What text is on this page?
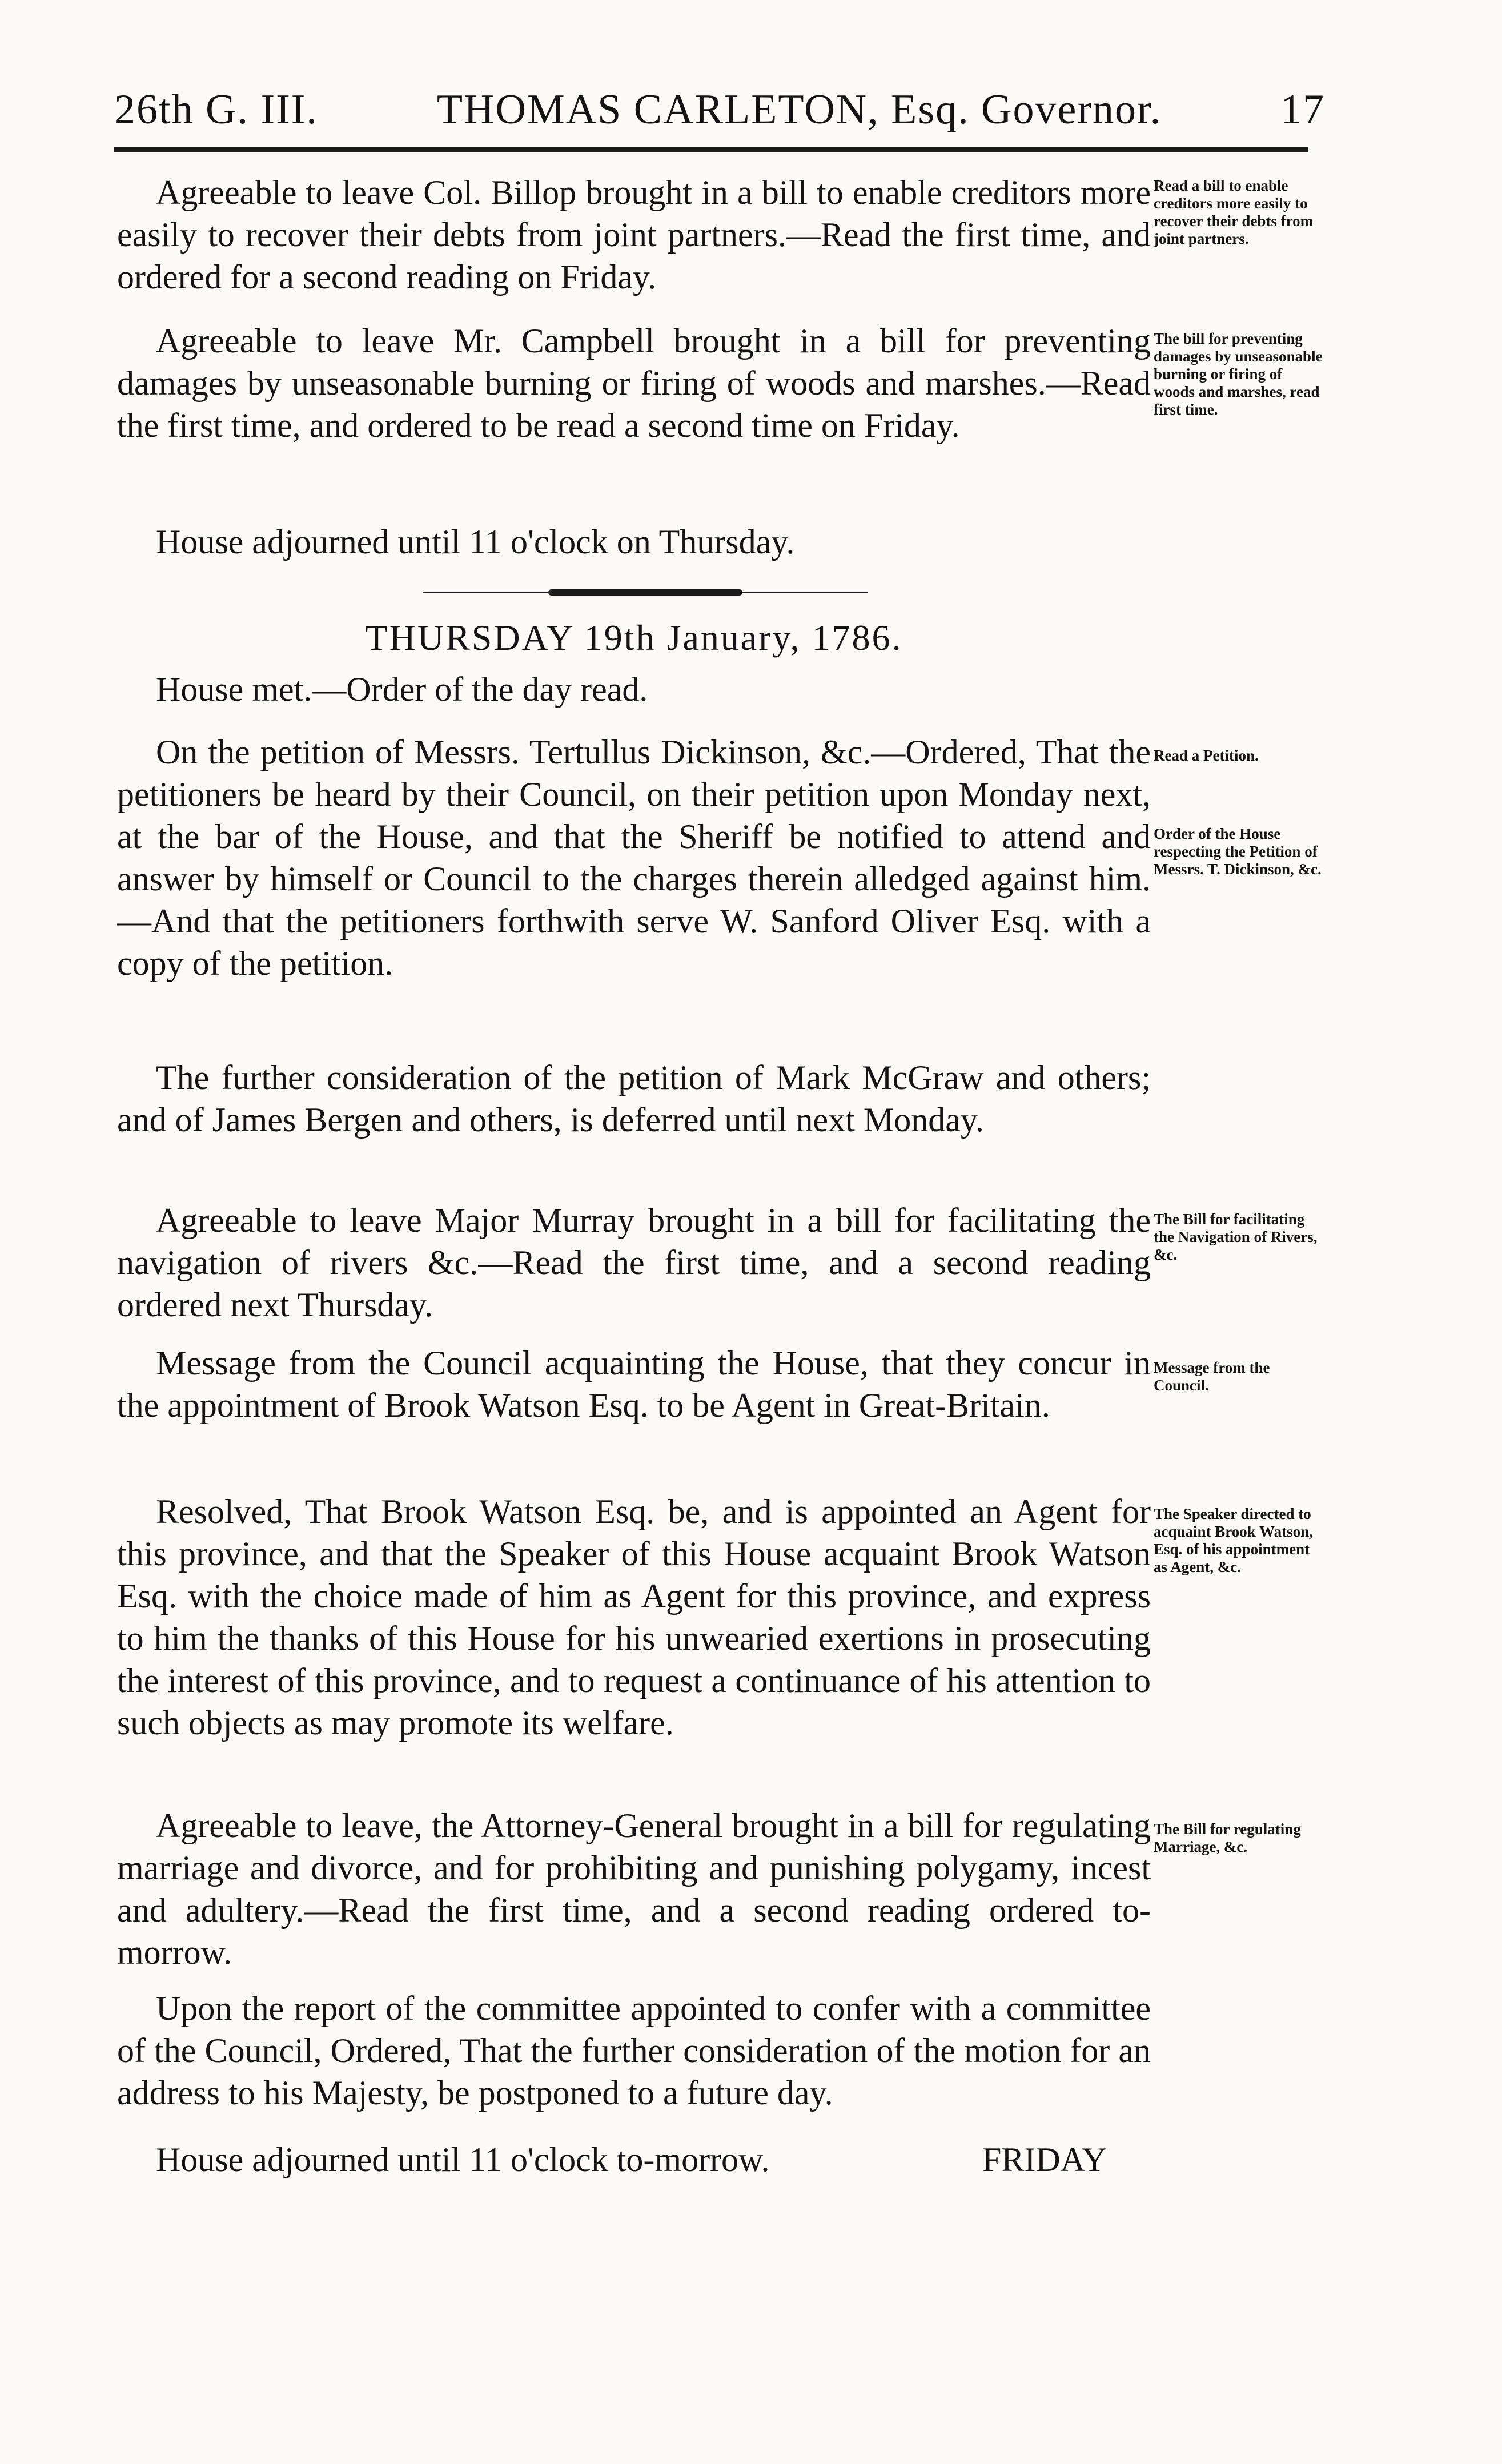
26th G. III.	THOMAS CARLETON, Esq. Governor.	17
Agreeable to leave Col. Billop brought in a bill to enable creditors more easily to recover their debts from joint partners.—Read the first time, and ordered for a second reading on Friday.
Read a bill to enable creditors more easily to recover their debts from joint partners.
Agreeable to leave Mr. Campbell brought in a bill for preventing damages by unseasonable burning or firing of woods and marshes.—Read the first time, and ordered to be read a second time on Friday.
The bill for preventing damages by unseasonable burning or firing of woods and marshes, read first time.
House adjourned until 11 o'clock on Thursday.
THURSDAY 19th January, 1786.
House met.—Order of the day read.
On the petition of Messrs. Tertullus Dickinson, &c.—Ordered, That the petitioners be heard by their Council, on their petition upon Monday next, at the bar of the House, and that the Sheriff be notified to attend and answer by himself or Council to the charges therein alledged against him.—And that the petitioners forthwith serve W. Sanford Oliver Esq. with a copy of the petition.
Read a Petition.
Order of the House respecting the Petition of Messrs. T. Dickinson, &c.
The further consideration of the petition of Mark McGraw and others; and of James Bergen and others, is deferred until next Monday.
Agreeable to leave Major Murray brought in a bill for facilitating the navigation of rivers &c.—Read the first time, and a second reading ordered next Thursday.
The Bill for facilitating the Navigation of Rivers, &c.
Message from the Council acquainting the House, that they concur in the appointment of Brook Watson Esq. to be Agent in Great-Britain.
Message from the Council.
Resolved, That Brook Watson Esq. be, and is appointed an Agent for this province, and that the Speaker of this House acquaint Brook Watson Esq. with the choice made of him as Agent for this province, and express to him the thanks of this House for his unwearied exertions in prosecuting the interest of this province, and to request a continuance of his attention to such objects as may promote its welfare.
The Speaker directed to acquaint Brook Watson, Esq. of his appointment as Agent, &c.
Agreeable to leave, the Attorney-General brought in a bill for regulating marriage and divorce, and for prohibiting and punishing polygamy, incest and adultery.—Read the first time, and a second reading ordered to-morrow.
The Bill for regulating Marriage, &c.
Upon the report of the committee appointed to confer with a committee of the Council, Ordered, That the further consideration of the motion for an address to his Majesty, be postponed to a future day.
House adjourned until 11 o'clock to-morrow.	FRIDAY
